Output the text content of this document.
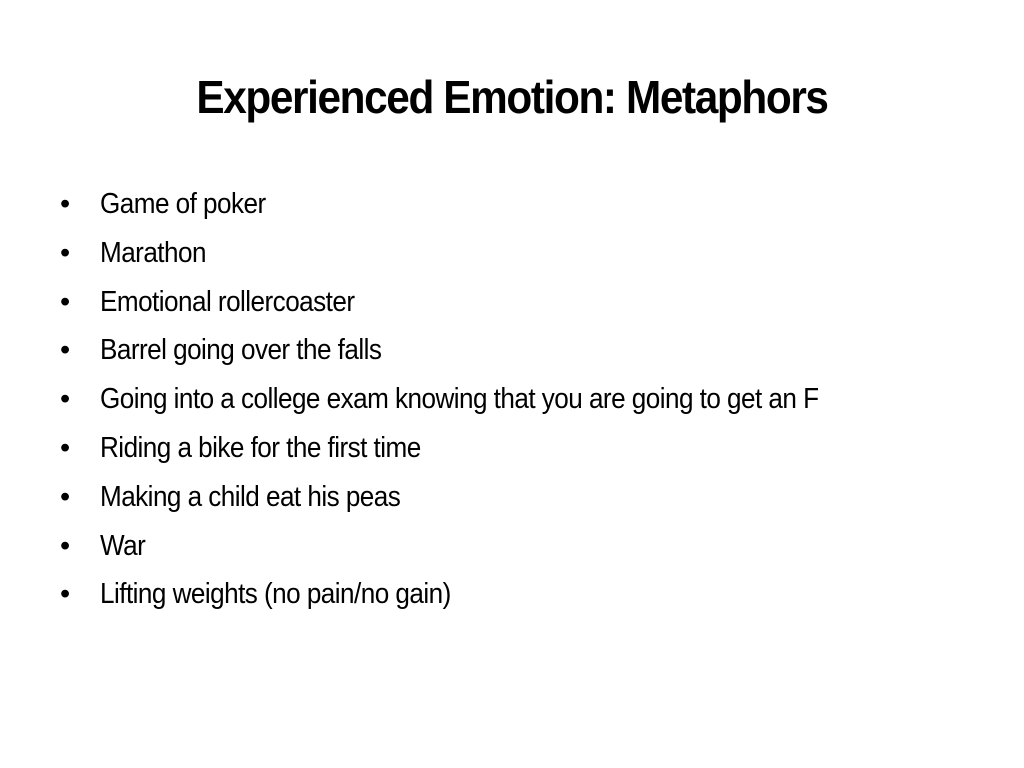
Experienced Emotion: Metaphors
•	Game of poker
•	Marathon
•	Emotional rollercoaster
•	Barrel going over the falls
•	Going into a college exam knowing that you are going to get an F
•	Riding a bike for the first time
•	Making a child eat his peas
•	War
•	Lifting weights (no pain/no gain)
